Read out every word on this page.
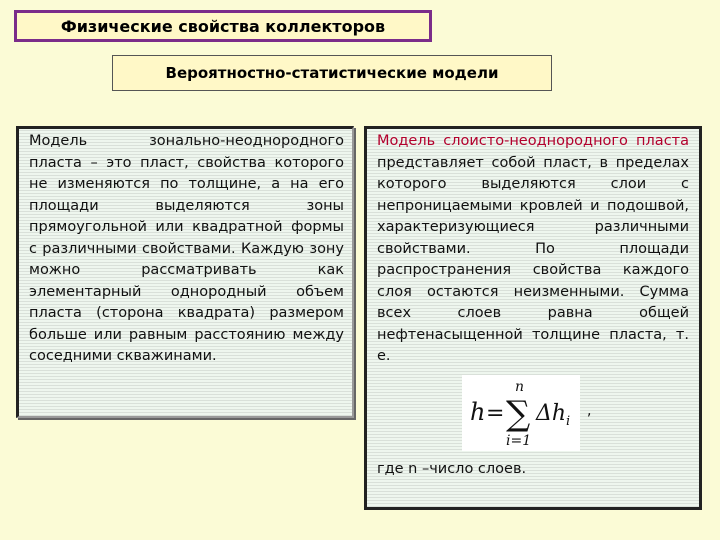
Физические свойства коллекторов
Вероятностно-статистические модели

Модель зонально-неоднородного пласта – это пласт, свойства которого не изменяются по толщине, а на его площади выделяются зоны прямоугольной или квадратной формы с различными свойствами. Каждую зону можно рассматривать как элементарный однородный объем пласта (сторона квадрата) размером больше или равным расстоянию между соседними скважинами.

Модель слоисто-неоднородного пласта представляет собой пласт, в пределах которого выделяются слои с непроницаемыми кровлей и подошвой, характеризующиеся различными свойствами. По площади распространения свойства каждого слоя остаются неизменными. Сумма всех слоев равна общей нефтенасыщенной толщине пласта, т. е.

h = ∑
n
i=1
Δh i
,

где n –число слоев.
